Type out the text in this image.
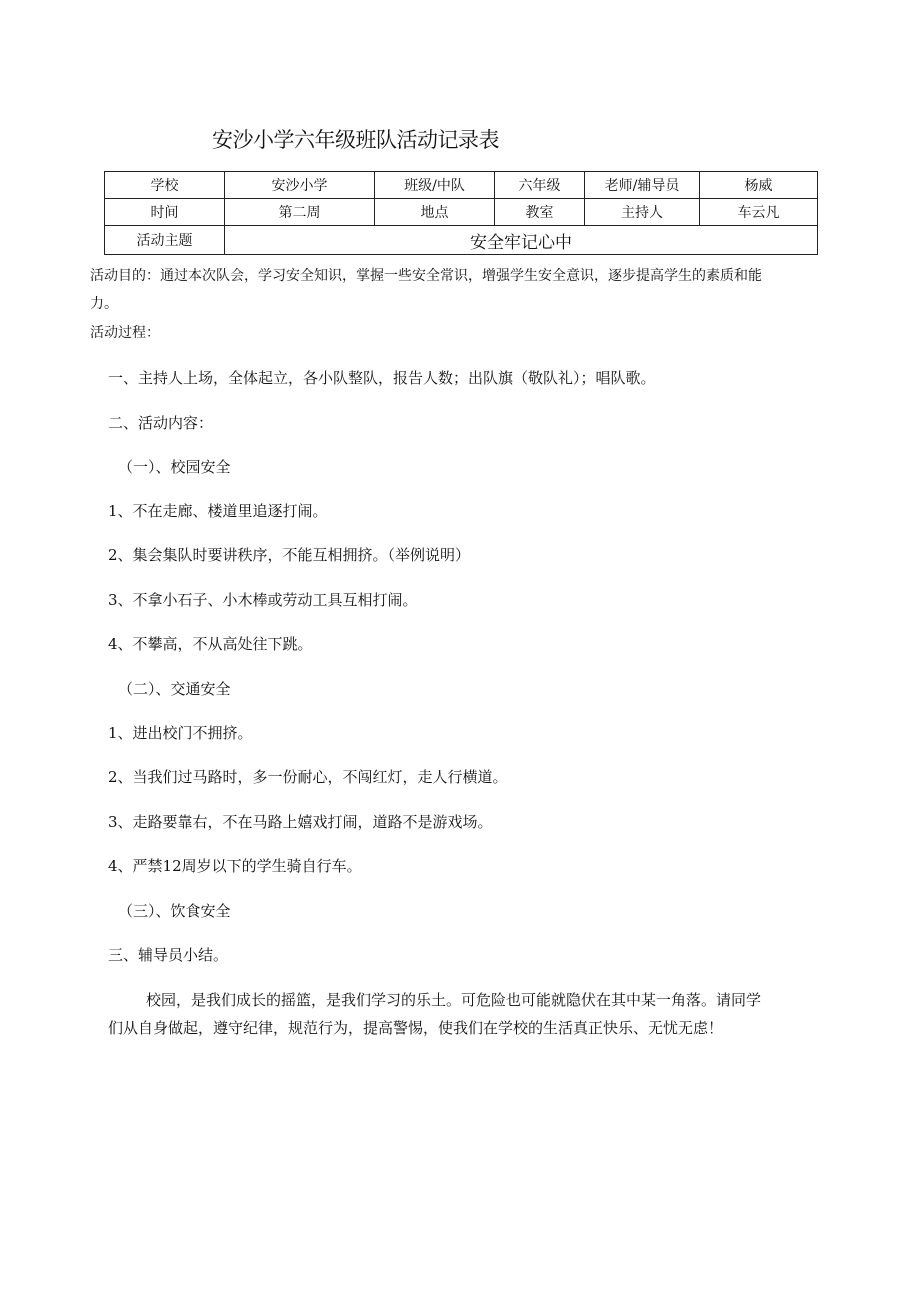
安沙小学六年级班队活动记录表
学校	安沙小学	班级/中队	六年级	老师/辅导员	杨威
时间	第二周	地点	教室	主持人	车云凡
活动主题	安全牢记心中				
活动目的：通过本次队会，学习安全知识，掌握一些安全常识，增强学生安全意识，逐步提高学生的素质和能
力。
活动过程：
一、主持人上场，全体起立，各小队整队，报告人数；出队旗（敬队礼）；唱队歌。
二、活动内容：
（一）、校园安全
1、不在走廊、楼道里追逐打闹。
2、集会集队时要讲秩序，不能互相拥挤。（举例说明）
3、不拿小石子、小木棒或劳动工具互相打闹。
4、不攀高，不从高处往下跳。
（二）、交通安全
1、进出校门不拥挤。
2、当我们过马路时，多一份耐心，不闯红灯，走人行横道。
3、走路要靠右，不在马路上嬉戏打闹，道路不是游戏场。
4、严禁12周岁以下的学生骑自行车。
（三）、饮食安全
三、辅导员小结。
校园，是我们成长的摇篮，是我们学习的乐土。可危险也可能就隐伏在其中某一角落。请同学
们从自身做起，遵守纪律，规范行为，提高警惕，使我们在学校的生活真正快乐、无忧无虑！
